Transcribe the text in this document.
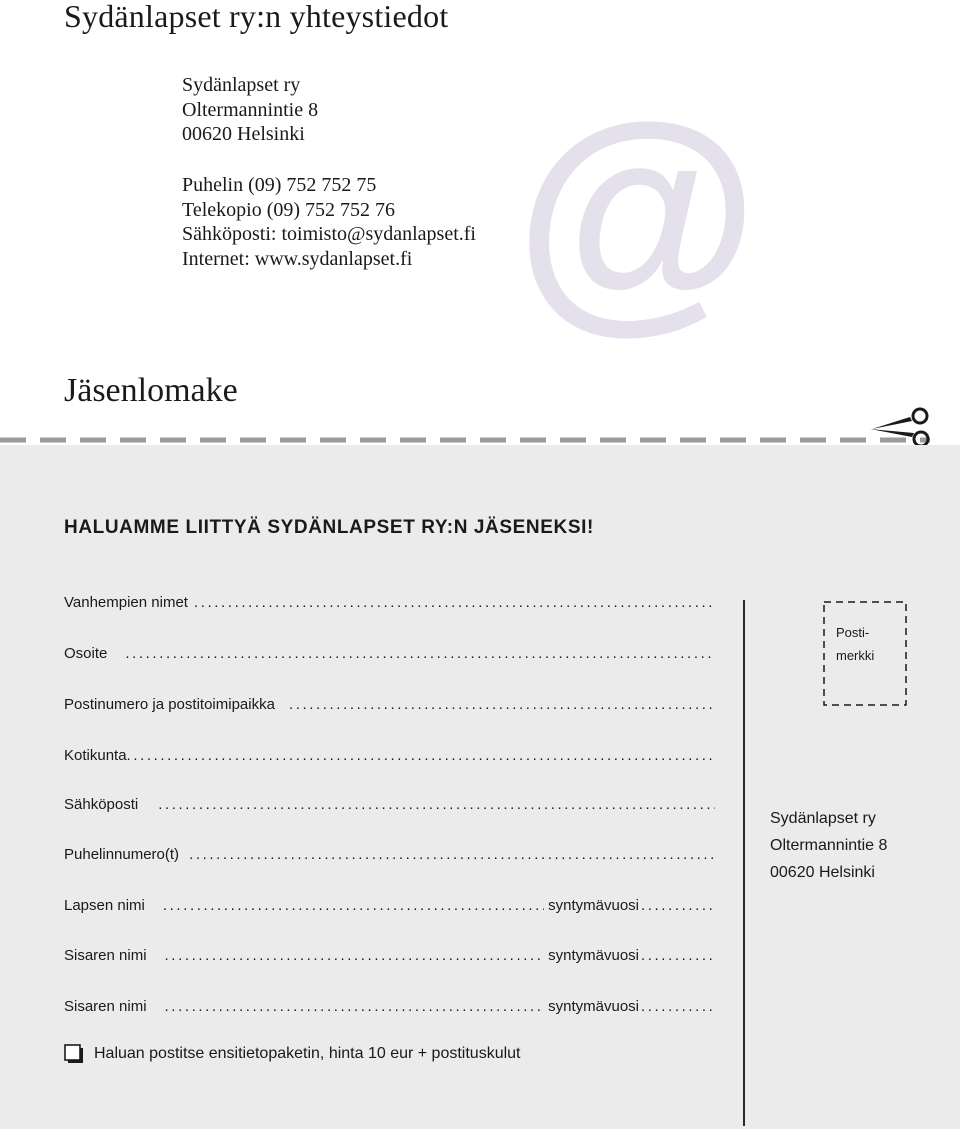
Sydänlapset ry:n yhteystiedot
Sydänlapset ry
Oltermannintie 8
00620 Helsinki
Puhelin (09) 752 752 75
Telekopio (09) 752 752 76
Sähköposti: toimisto@sydanlapset.fi
Internet: www.sydanlapset.fi @
Jäsenlomake
HALUAMME LIITTYÄ SYDÄNLAPSET RY:N JÄSENEKSI!
Vanhempien nimet
.....
Osoite
.....
Postinumero ja postitoimipaikka
.....
Kotikunta
.....
Sähköposti
.....
Puhelinnumero(t)
.....
Lapsen nimi .....	syntymävuosi
.....
Sisaren nimi .....	syntymävuosi
.....
Sisaren nimi .....	syntymävuosi
.....
Haluan postitse ensitietopaketin, hinta 10 eur + postituskulut
Posti-
merkki
Sydänlapset ry
Oltermannintie 8
00620 Helsinki
